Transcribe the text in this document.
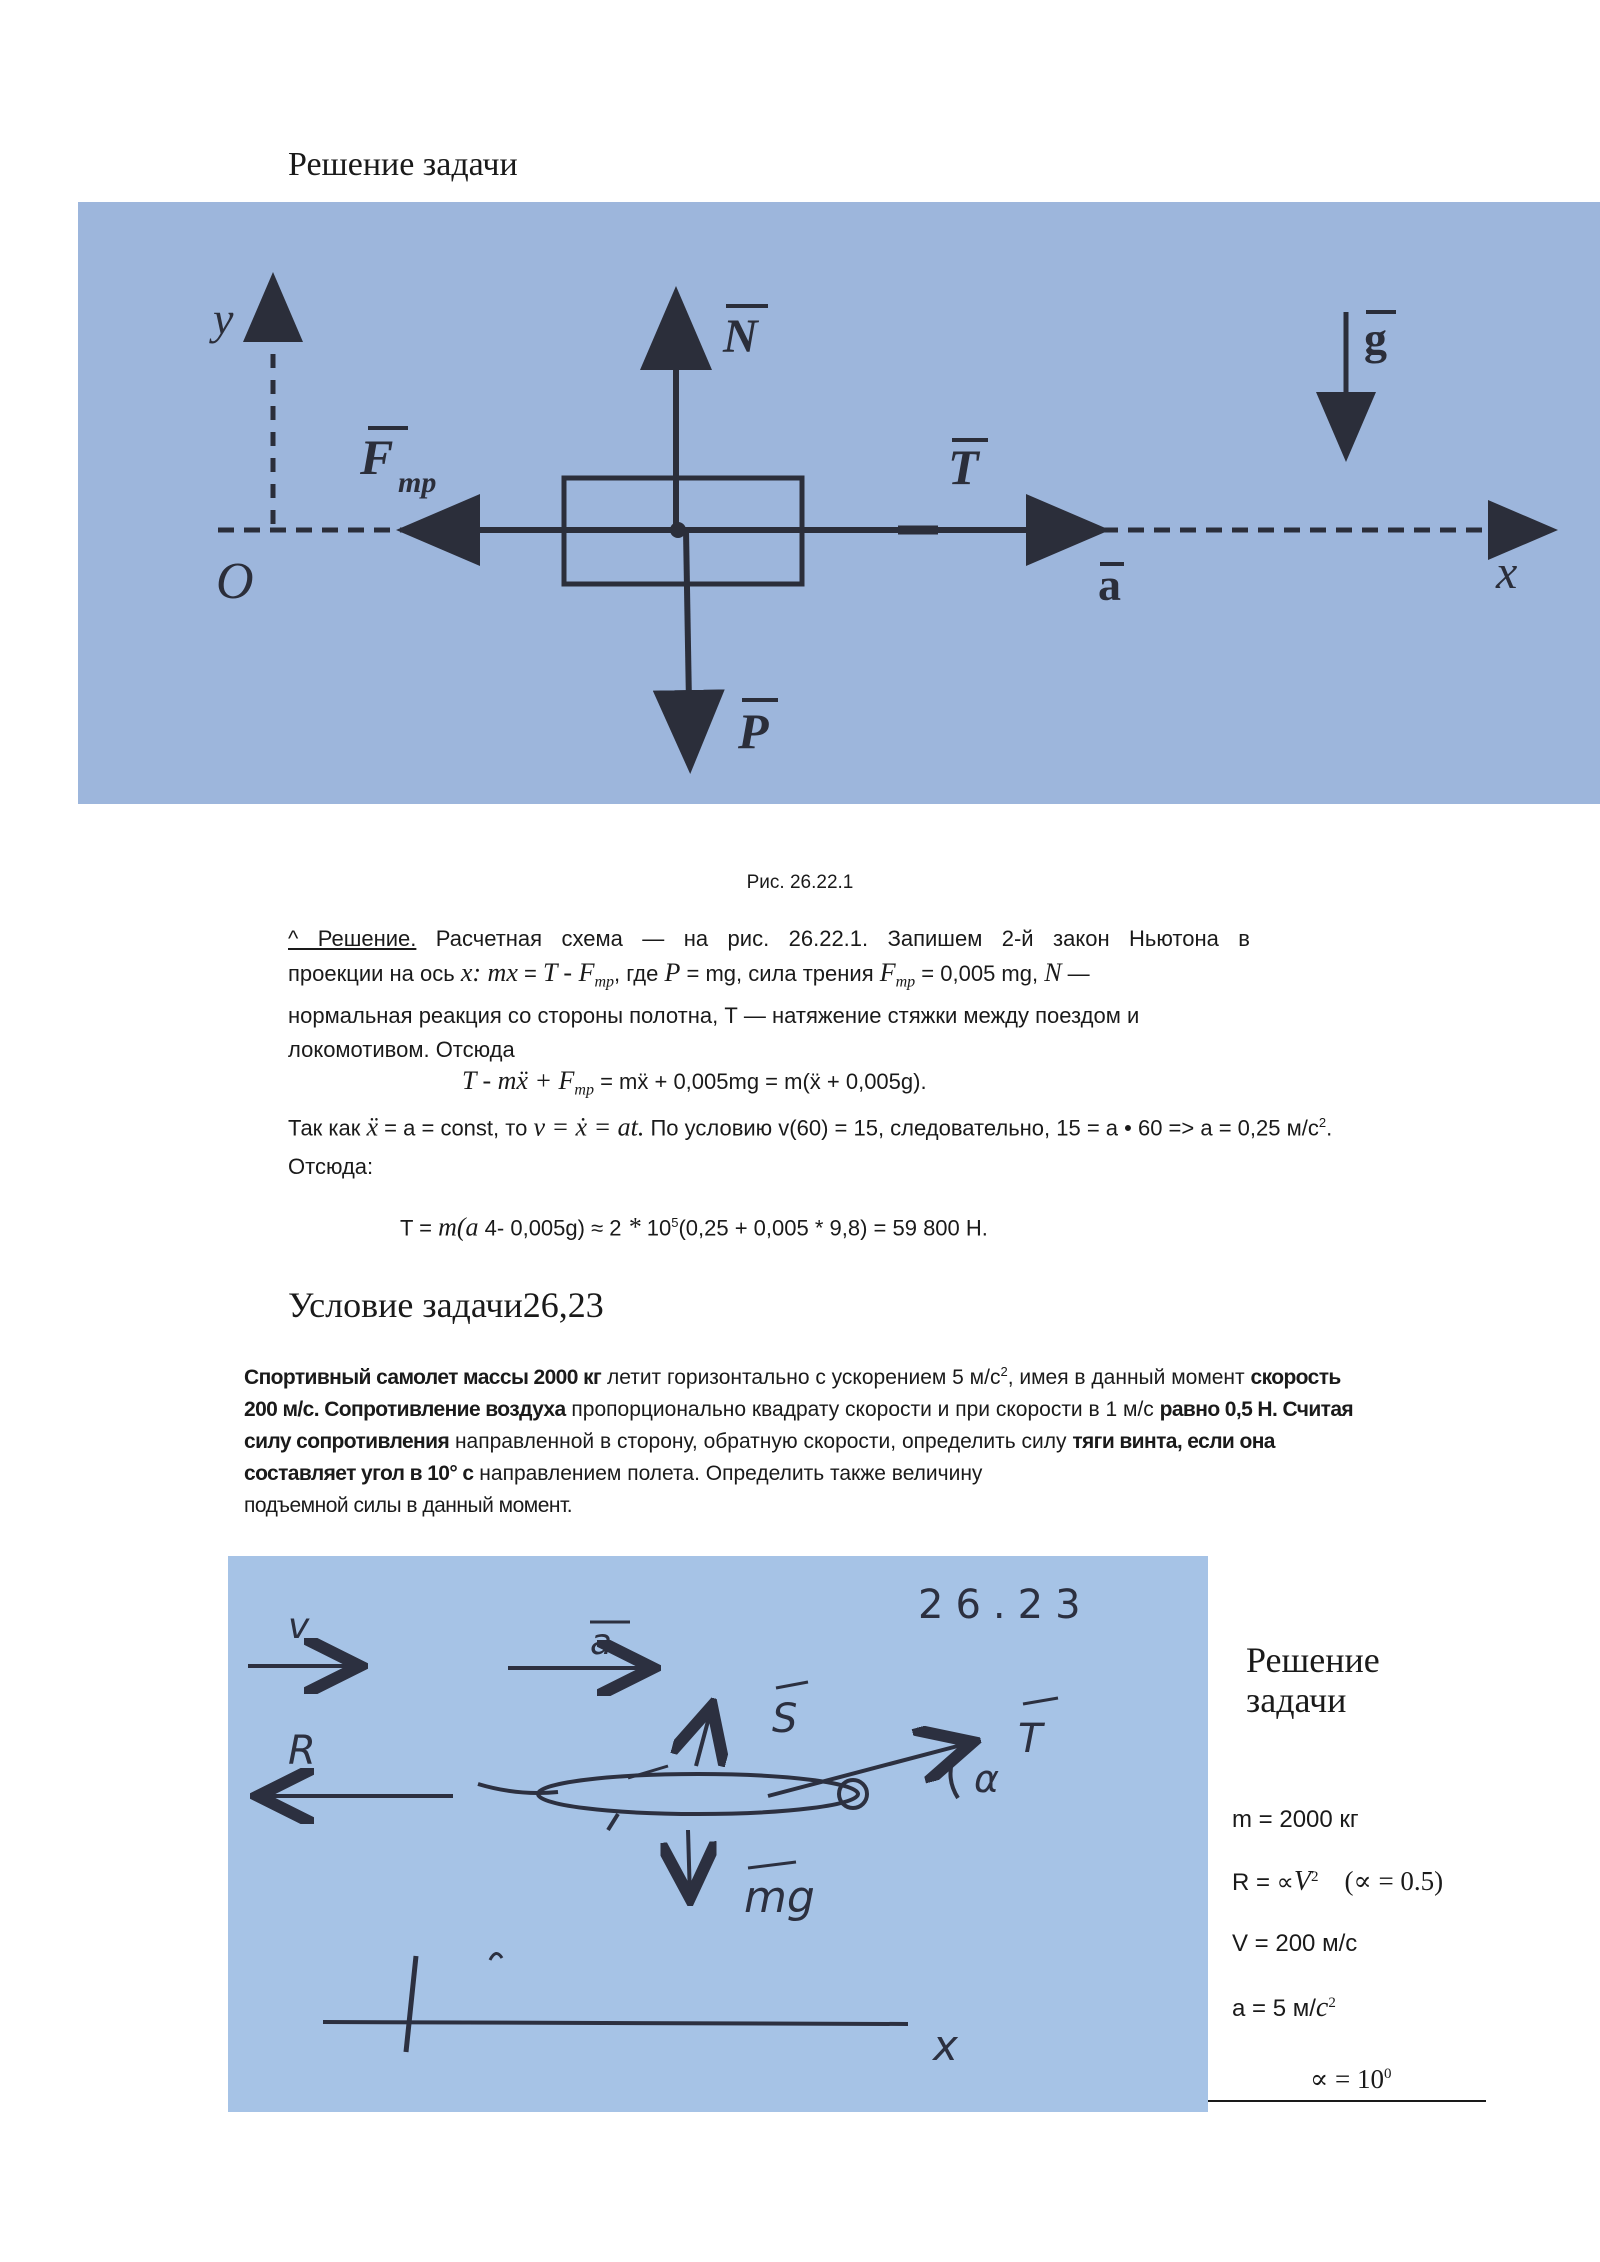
Решение задачи
y	N	g
F тр	T
O	a	x
P
Рис. 26.22.1
^ Решение. Расчетная схема — на рис. 26.22.1. Запишем 2-й закон Ньютона в
проекции на ось x: mx = T - $F_{тр}$, где P = mg, сила трения $F_{тр} = 0,005$ mg, N —
нормальная реакция со стороны полотна, Т — натяжение стяжки между поездом и
локомотивом. Отсюда
T - mẍ + $F_{тр}$ = mẍ + 0,005mg = m(ẍ + 0,005g).
Так как ẍ = a = const, то v = ẋ = at. По условию v(60) = 15, следовательно, 15 = a • 60 => a = 0,25 $м/с^2$.
Отсюда:
T = m(a 4- $0,005g) \approx 2 * 10^5(0,25 + 0,005 * 9,8) = 59$ 800 Н.
Условие задачи26,23
Спортивный самолет массы 2000 кг летит горизонтально с ускорением 5 $м/с^2$, имея в данный момент скорость
200 м/с. Сопротивление воздуха пропорционально квадрату скорости и при скорости в 1 м/с равно 0,5 Н. Считая
силу сопротивления направленной в сторону, обратную скорости, определить силу тяги винта, если она
составляет угол в 10° с направлением полета. Определить также величину
подъемной силы в данный момент.
26.23
v	a
S
R	T
α
mg
x
Решение
задачи
m = 2000 кг
$R = \propto V^2$ (∝ = 0.5)
V = 200 м/с
a = 5 $м/c^2$
∝ = $10^0$
